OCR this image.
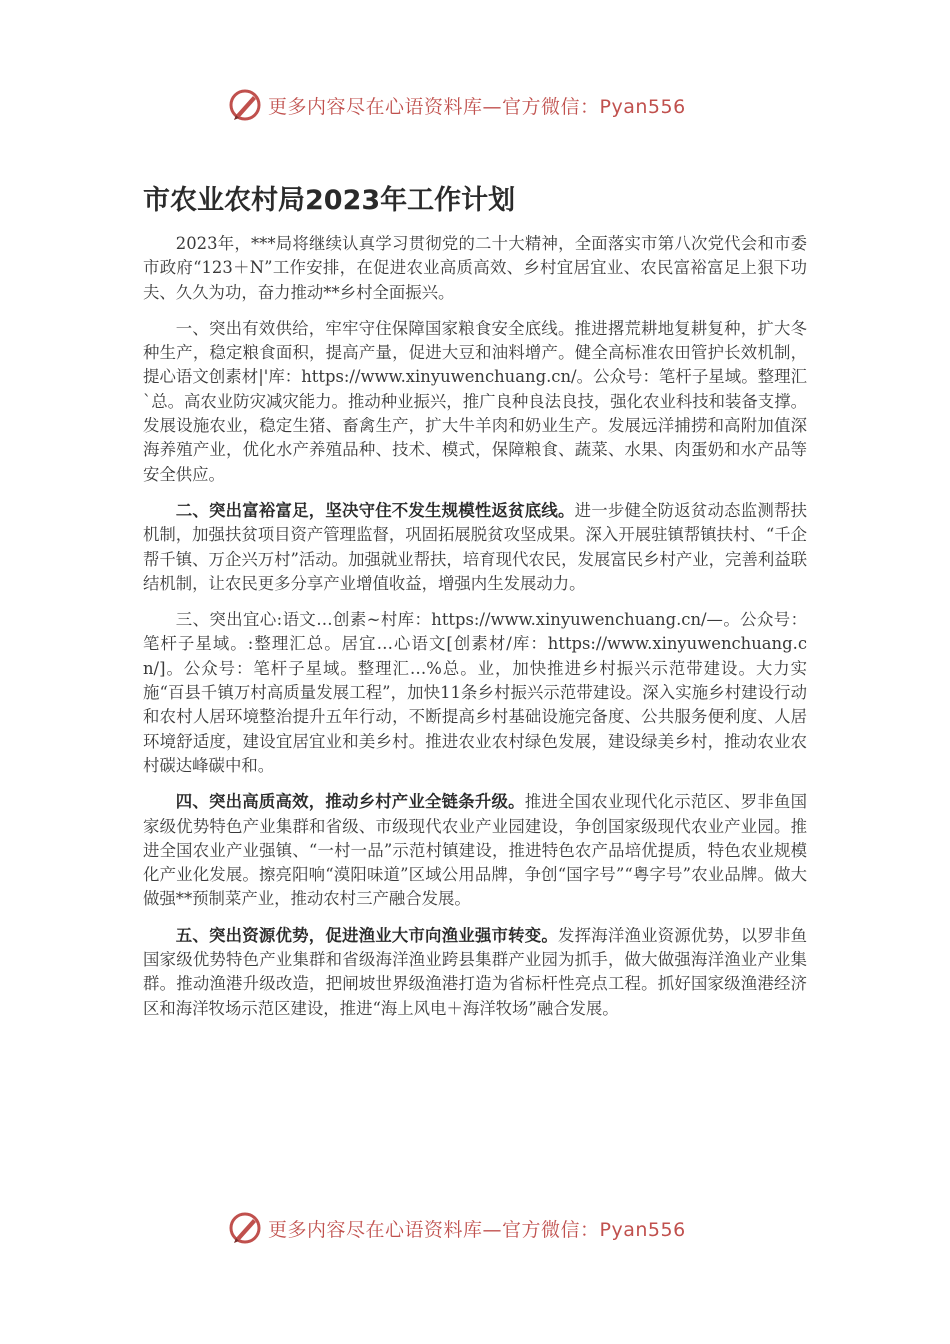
更多内容尽在心语资料库—官方微信：Pyan556
市农业农村局2023年工作计划

2023年，***局将继续认真学习贯彻党的二十大精神，全面落实市第八次党代会和市委市政府“123＋N”工作安排，在促进农业高质高效、乡村宜居宜业、农民富裕富足上狠下功夫、久久为功，奋力推动**乡村全面振兴。

一、突出有效供给，牢牢守住保障国家粮食安全底线。推进撂荒耕地复耕复种，扩大冬种生产，稳定粮食面积，提高产量，促进大豆和油料增产。健全高标准农田管护长效机制，提心语文创素材|'库：https://www.xinyuwenchuang.cn/。公众号：笔杆子星域。整理汇`总。高农业防灾减灾能力。推动种业振兴，推广良种良法良技，强化农业科技和装备支撑。发展设施农业，稳定生猪、畜禽生产，扩大牛羊肉和奶业生产。发展远洋捕捞和高附加值深海养殖产业，优化水产养殖品种、技术、模式，保障粮食、蔬菜、水果、肉蛋奶和水产品等安全供应。

二、突出富裕富足，坚决守住不发生规模性返贫底线。进一步健全防返贫动态监测帮扶机制，加强扶贫项目资产管理监督，巩固拓展脱贫攻坚成果。深入开展驻镇帮镇扶村、“千企帮千镇、万企兴万村”活动。加强就业帮扶，培育现代农民，发展富民乡村产业，完善利益联结机制，让农民更多分享产业增值收益，增强内生发展动力。

三、突出宜心:语文…创素~村库：https://www.xinyuwenchuang.cn/—。公众号：笔杆子星域。:整理汇总。居宜…心语文[创素材/库：https://www.xinyuwenchuang.cn/]。公众号：笔杆子星域。整理汇…%总。业，加快推进乡村振兴示范带建设。大力实施“百县千镇万村高质量发展工程”，加快11条乡村振兴示范带建设。深入实施乡村建设行动和农村人居环境整治提升五年行动，不断提高乡村基础设施完备度、公共服务便利度、人居环境舒适度，建设宜居宜业和美乡村。推进农业农村绿色发展，建设绿美乡村，推动农业农村碳达峰碳中和。

四、突出高质高效，推动乡村产业全链条升级。推进全国农业现代化示范区、罗非鱼国家级优势特色产业集群和省级、市级现代农业产业园建设，争创国家级现代农业产业园。推进全国农业产业强镇、“一村一品”示范村镇建设，推进特色农产品培优提质，特色农业规模化产业化发展。擦亮阳响“漠阳味道”区域公用品牌，争创“国字号”“粤字号”农业品牌。做大做强**预制菜产业，推动农村三产融合发展。

五、突出资源优势，促进渔业大市向渔业强市转变。发挥海洋渔业资源优势，以罗非鱼国家级优势特色产业集群和省级海洋渔业跨县集群产业园为抓手，做大做强海洋渔业产业集群。推动渔港升级改造，把闸坡世界级渔港打造为省标杆性亮点工程。抓好国家级渔港经济区和海洋牧场示范区建设，推进“海上风电＋海洋牧场”融合发展。

更多内容尽在心语资料库—官方微信：Pyan556
